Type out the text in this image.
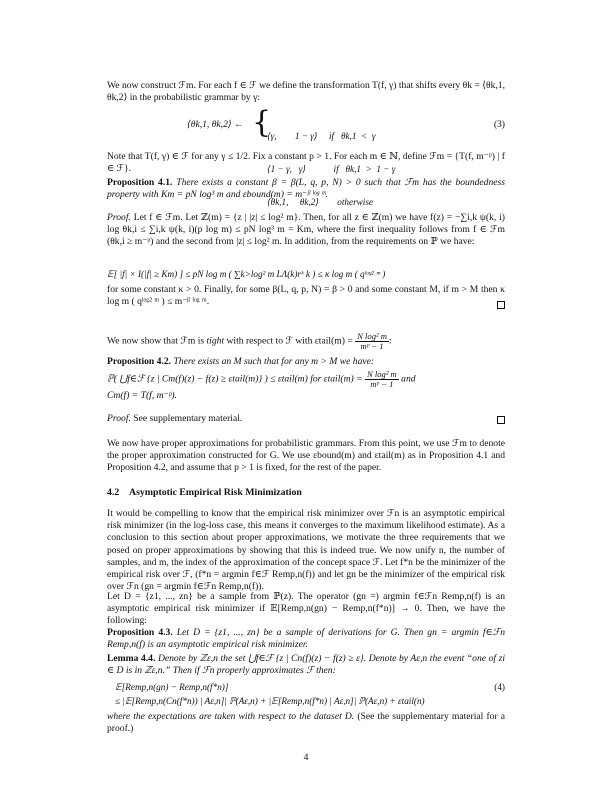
We now construct ℱm. For each f ∈ ℱ we define the transformation T(f, γ) that shifts every θk = ⟨θk,1, θk,2⟩ in the probabilistic grammar by γ:

⟨θk,1, θk,2⟩ ← {

⟨γ,        1 − γ⟩     if   θk,1  <  γ

⟨1 − γ,   γ⟩            if   θk,1  >  1 − γ

⟨θk,1,     θk,2⟩        otherwise

(3)

Note that T(f, γ) ∈ ℱ for any γ ≤ 1/2. Fix a constant p > 1. For each m ∈ ℕ, define ℱm = {T(f, m⁻ᵖ) | f ∈ ℱ}.

Proposition 4.1. There exists a constant β = β(L, q, p, N) > 0 such that ℱm has the boundedness property with Km = pN log³ m and εbound(m) = m⁻ᵝ ˡᵒᵍ ᵐ.

Proof. Let f ∈ ℱm. Let ℤ(m) = {z | |z| ≤ log² m}. Then, for all z ∈ ℤ(m) we have f(z) = −∑i,k ψ(k, i) log θk,i ≤ ∑i,k ψ(k, i)(p log m) ≤ pN log³ m = Km, where the first inequality follows from f ∈ ℱm (θk,i ≥ m⁻ᵖ) and the second from |z| ≤ log² m. In addition, from the requirements on ℙ we have:

𝔼[ |f| × I(|f| ≥ Km) ] ≤ pN log m ( ∑k>log² m LΛ(k)rᵏ k ) ≤ κ log m ( qˡᵒᵍ² ᵐ )

for some constant κ > 0. Finally, for some β(L, q, p, N) = β > 0 and some constant M, if m > M then κ log m ( qˡᵒᵍ² ᵐ ) ≤ m⁻ᵝ ˡᵒᵍ ᵐ.

We now show that ℱm is tight with respect to ℱ with εtail(m) = $\frac{\text{N log² m}}{\text{mᵖ − 1}}$ :

Proposition 4.2. There exists an M such that for any m > M we have:
ℙ( ⋃f∈ℱ {z | Cm(f)(z) − f(z) ≥ εtail(m)} ) ≤ εtail(m) for εtail(m) = $\frac{\text{N log² m}}{\text{mᵖ − 1}}$ and
Cm(f) = T(f, m⁻ᵖ).

Proof. See supplementary material.

We now have proper approximations for probabilistic grammars. From this point, we use ℱm to denote the proper approximation constructed for G. We use εbound(m) and εtail(m) as in Proposition 4.1 and Proposition 4.2, and assume that p > 1 is fixed, for the rest of the paper.

4.2 Asymptotic Empirical Risk Minimization

It would be compelling to know that the empirical risk minimizer over ℱn is an asymptotic empirical risk minimizer (in the log-loss case, this means it converges to the maximum likelihood estimate). As a conclusion to this section about proper approximations, we motivate the three requirements that we posed on proper approximations by showing that this is indeed true. We now unify n, the number of samples, and m, the index of the approximation of the concept space ℱ. Let f*n be the minimizer of the empirical risk over ℱ, (f*n = argmin f∈ℱ Remp,n(f)) and let gn be the minimizer of the empirical risk over ℱn (gn = argmin f∈ℱn Remp,n(f)).

Let D = {z1, ..., zn} be a sample from ℙ(z). The operator (gn =) argmin f∈ℱn Remp,n(f) is an asymptotic empirical risk minimizer if 𝔼[Remp,n(gn) − Remp,n(f*n)] → 0. Then, we have the following:

Proposition 4.3. Let D = {z1, ..., zn} be a sample of derivations for G. Then gn = argmin f∈ℱn Remp,n(f) is an asymptotic empirical risk minimizer.

Lemma 4.4. Denote by ℤε,n the set ⋃f∈ℱ {z | Cn(f)(z) − f(z) ≥ ε}. Denote by Aε,n the event “one of zi ∈ D is in ℤε,n.” Then if ℱn properly approximates ℱ then:

𝔼[Remp,n(gn) − Remp,n(f*n)]	(4)
≤ |𝔼[Remp,n(Cn(f*n)) | Aε,n]| ℙ(Aε,n) + |𝔼[Remp,n(f*n) | Aε,n]| ℙ(Aε,n) + εtail(n)

where the expectations are taken with respect to the dataset D. (See the supplementary material for a proof.)

4
